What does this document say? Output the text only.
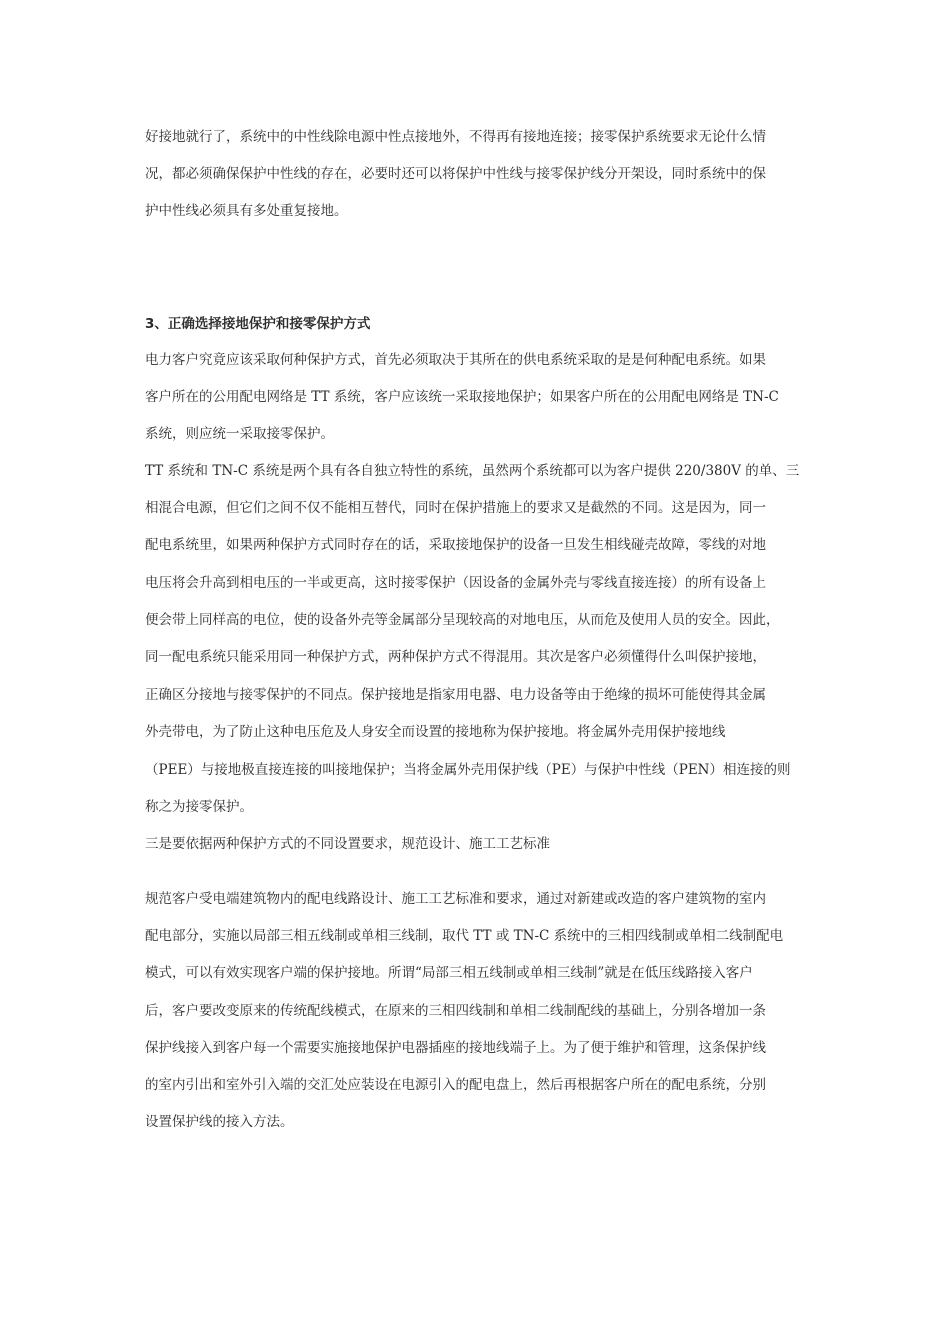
好接地就行了，系统中的中性线除电源中性点接地外，不得再有接地连接；接零保护系统要求无论什么情
况，都必须确保保护中性线的存在，必要时还可以将保护中性线与接零保护线分开架设，同时系统中的保
护中性线必须具有多处重复接地。
3、正确选择接地保护和接零保护方式
电力客户究竟应该采取何种保护方式，首先必须取决于其所在的供电系统采取的是是何种配电系统。如果
客户所在的公用配电网络是 TT 系统，客户应该统一采取接地保护；如果客户所在的公用配电网络是 TN-C
系统，则应统一采取接零保护。
TT 系统和 TN-C 系统是两个具有各自独立特性的系统，虽然两个系统都可以为客户提供 220/380V 的单、三
相混合电源，但它们之间不仅不能相互替代，同时在保护措施上的要求又是截然的不同。这是因为，同一
配电系统里，如果两种保护方式同时存在的话，采取接地保护的设备一旦发生相线碰壳故障，零线的对地
电压将会升高到相电压的一半或更高，这时接零保护（因设备的金属外壳与零线直接连接）的所有设备上
便会带上同样高的电位，使的设备外壳等金属部分呈现较高的对地电压，从而危及使用人员的安全。因此，
同一配电系统只能采用同一种保护方式，两种保护方式不得混用。其次是客户必须懂得什么叫保护接地，
正确区分接地与接零保护的不同点。保护接地是指家用电器、电力设备等由于绝缘的损坏可能使得其金属
外壳带电，为了防止这种电压危及人身安全而设置的接地称为保护接地。将金属外壳用保护接地线
（PEE）与接地极直接连接的叫接地保护；当将金属外壳用保护线（PE）与保护中性线（PEN）相连接的则
称之为接零保护。
三是要依据两种保护方式的不同设置要求，规范设计、施工工艺标准
规范客户受电端建筑物内的配电线路设计、施工工艺标准和要求，通过对新建或改造的客户建筑物的室内
配电部分，实施以局部三相五线制或单相三线制，取代 TT 或 TN-C 系统中的三相四线制或单相二线制配电
模式，可以有效实现客户端的保护接地。所谓“局部三相五线制或单相三线制”就是在低压线路接入客户
后，客户要改变原来的传统配线模式，在原来的三相四线制和单相二线制配线的基础上，分别各增加一条
保护线接入到客户每一个需要实施接地保护电器插座的接地线端子上。为了便于维护和管理，这条保护线
的室内引出和室外引入端的交汇处应装设在电源引入的配电盘上，然后再根据客户所在的配电系统，分别
设置保护线的接入方法。
